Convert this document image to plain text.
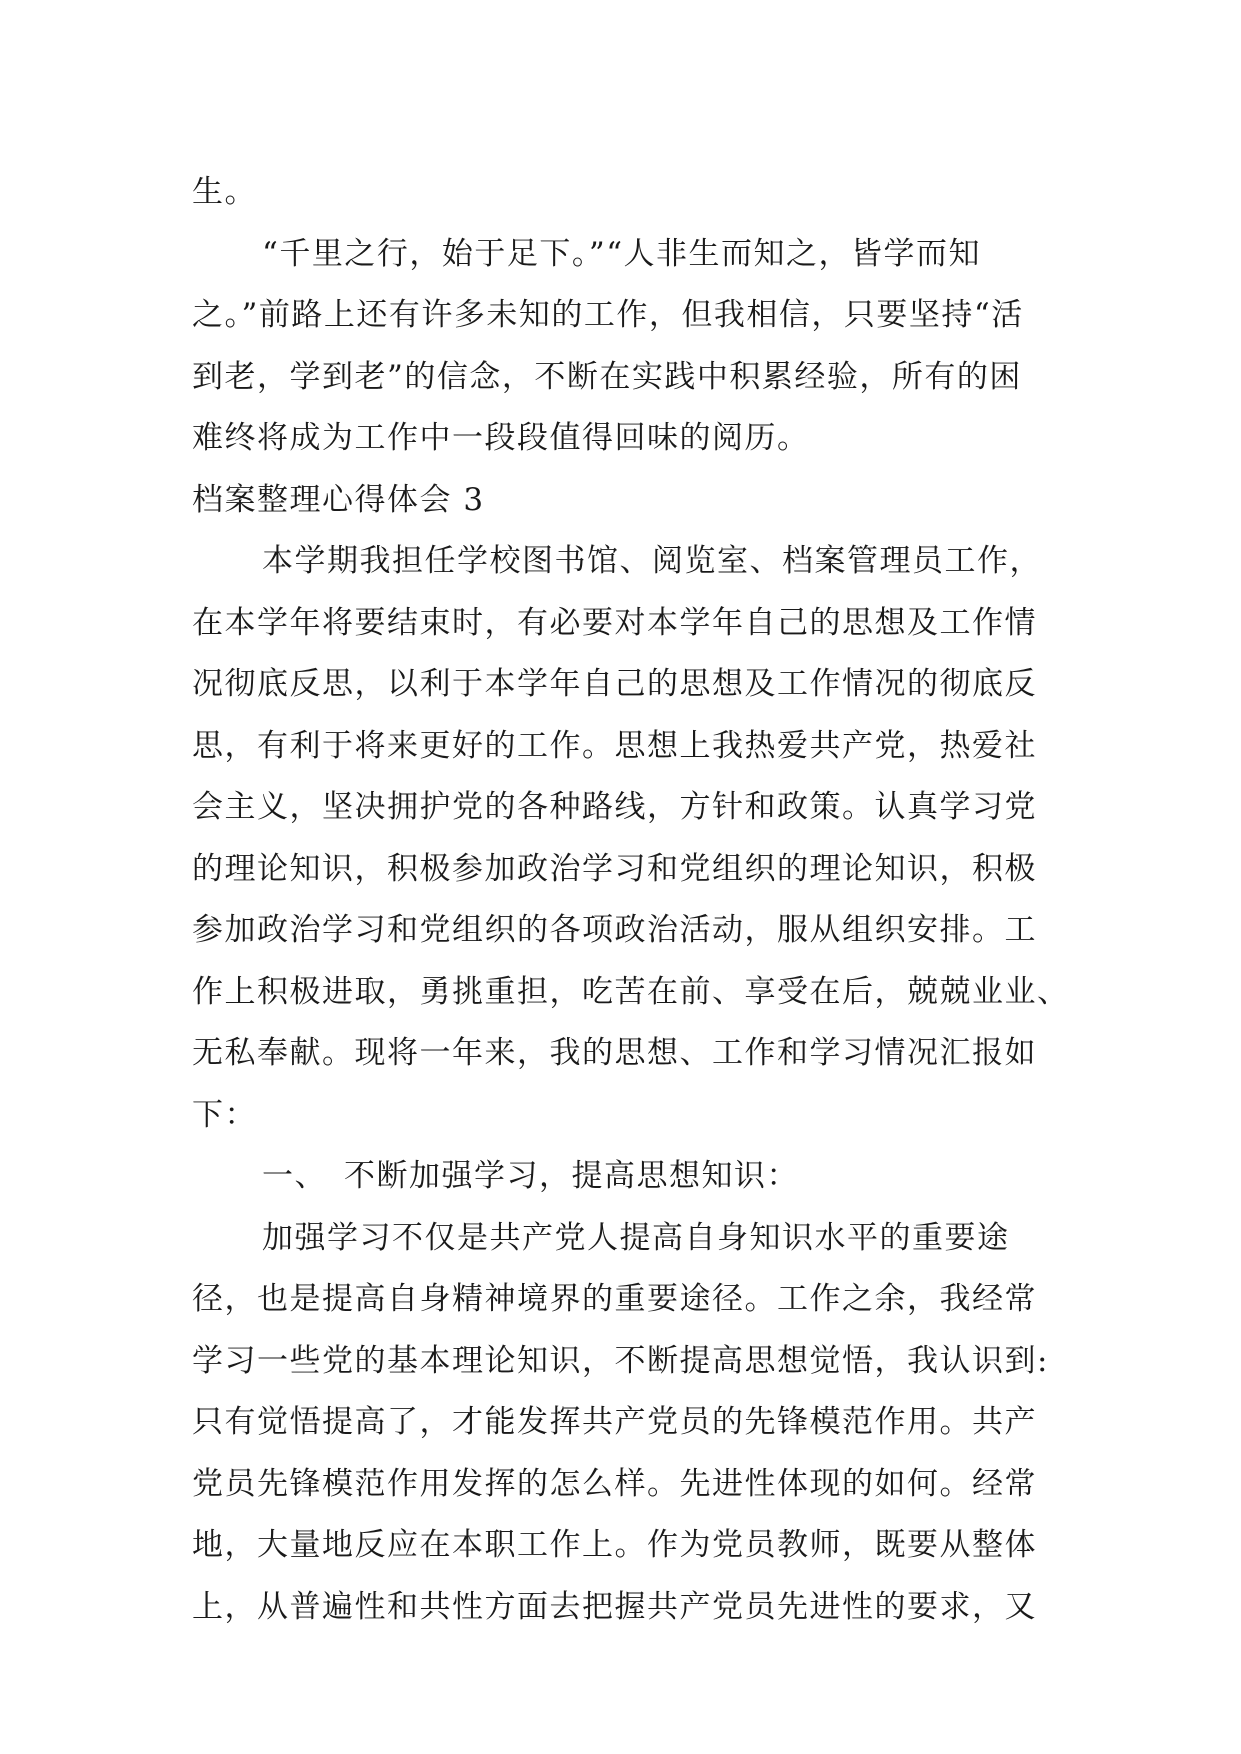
生。
“千里之行，始于足下。”“人非生而知之，皆学而知
之。”前路上还有许多未知的工作，但我相信，只要坚持“活
到老，学到老”的信念，不断在实践中积累经验，所有的困
难终将成为工作中一段段值得回味的阅历。
档案整理心得体会 3
本学期我担任学校图书馆、阅览室、档案管理员工作，
在本学年将要结束时，有必要对本学年自己的思想及工作情
况彻底反思，以利于本学年自己的思想及工作情况的彻底反
思，有利于将来更好的工作。思想上我热爱共产党，热爱社
会主义，坚决拥护党的各种路线，方针和政策。认真学习党
的理论知识，积极参加政治学习和党组织的理论知识，积极
参加政治学习和党组织的各项政治活动，服从组织安排。工
作上积极进取，勇挑重担，吃苦在前、享受在后，兢兢业业、
无私奉献。现将一年来，我的思想、工作和学习情况汇报如
下：
一、　不断加强学习，提高思想知识：
加强学习不仅是共产党人提高自身知识水平的重要途
径，也是提高自身精神境界的重要途径。工作之余，我经常
学习一些党的基本理论知识，不断提高思想觉悟，我认识到:
只有觉悟提高了，才能发挥共产党员的先锋模范作用。共产
党员先锋模范作用发挥的怎么样。先进性体现的如何。经常
地，大量地反应在本职工作上。作为党员教师，既要从整体
上，从普遍性和共性方面去把握共产党员先进性的要求，又
